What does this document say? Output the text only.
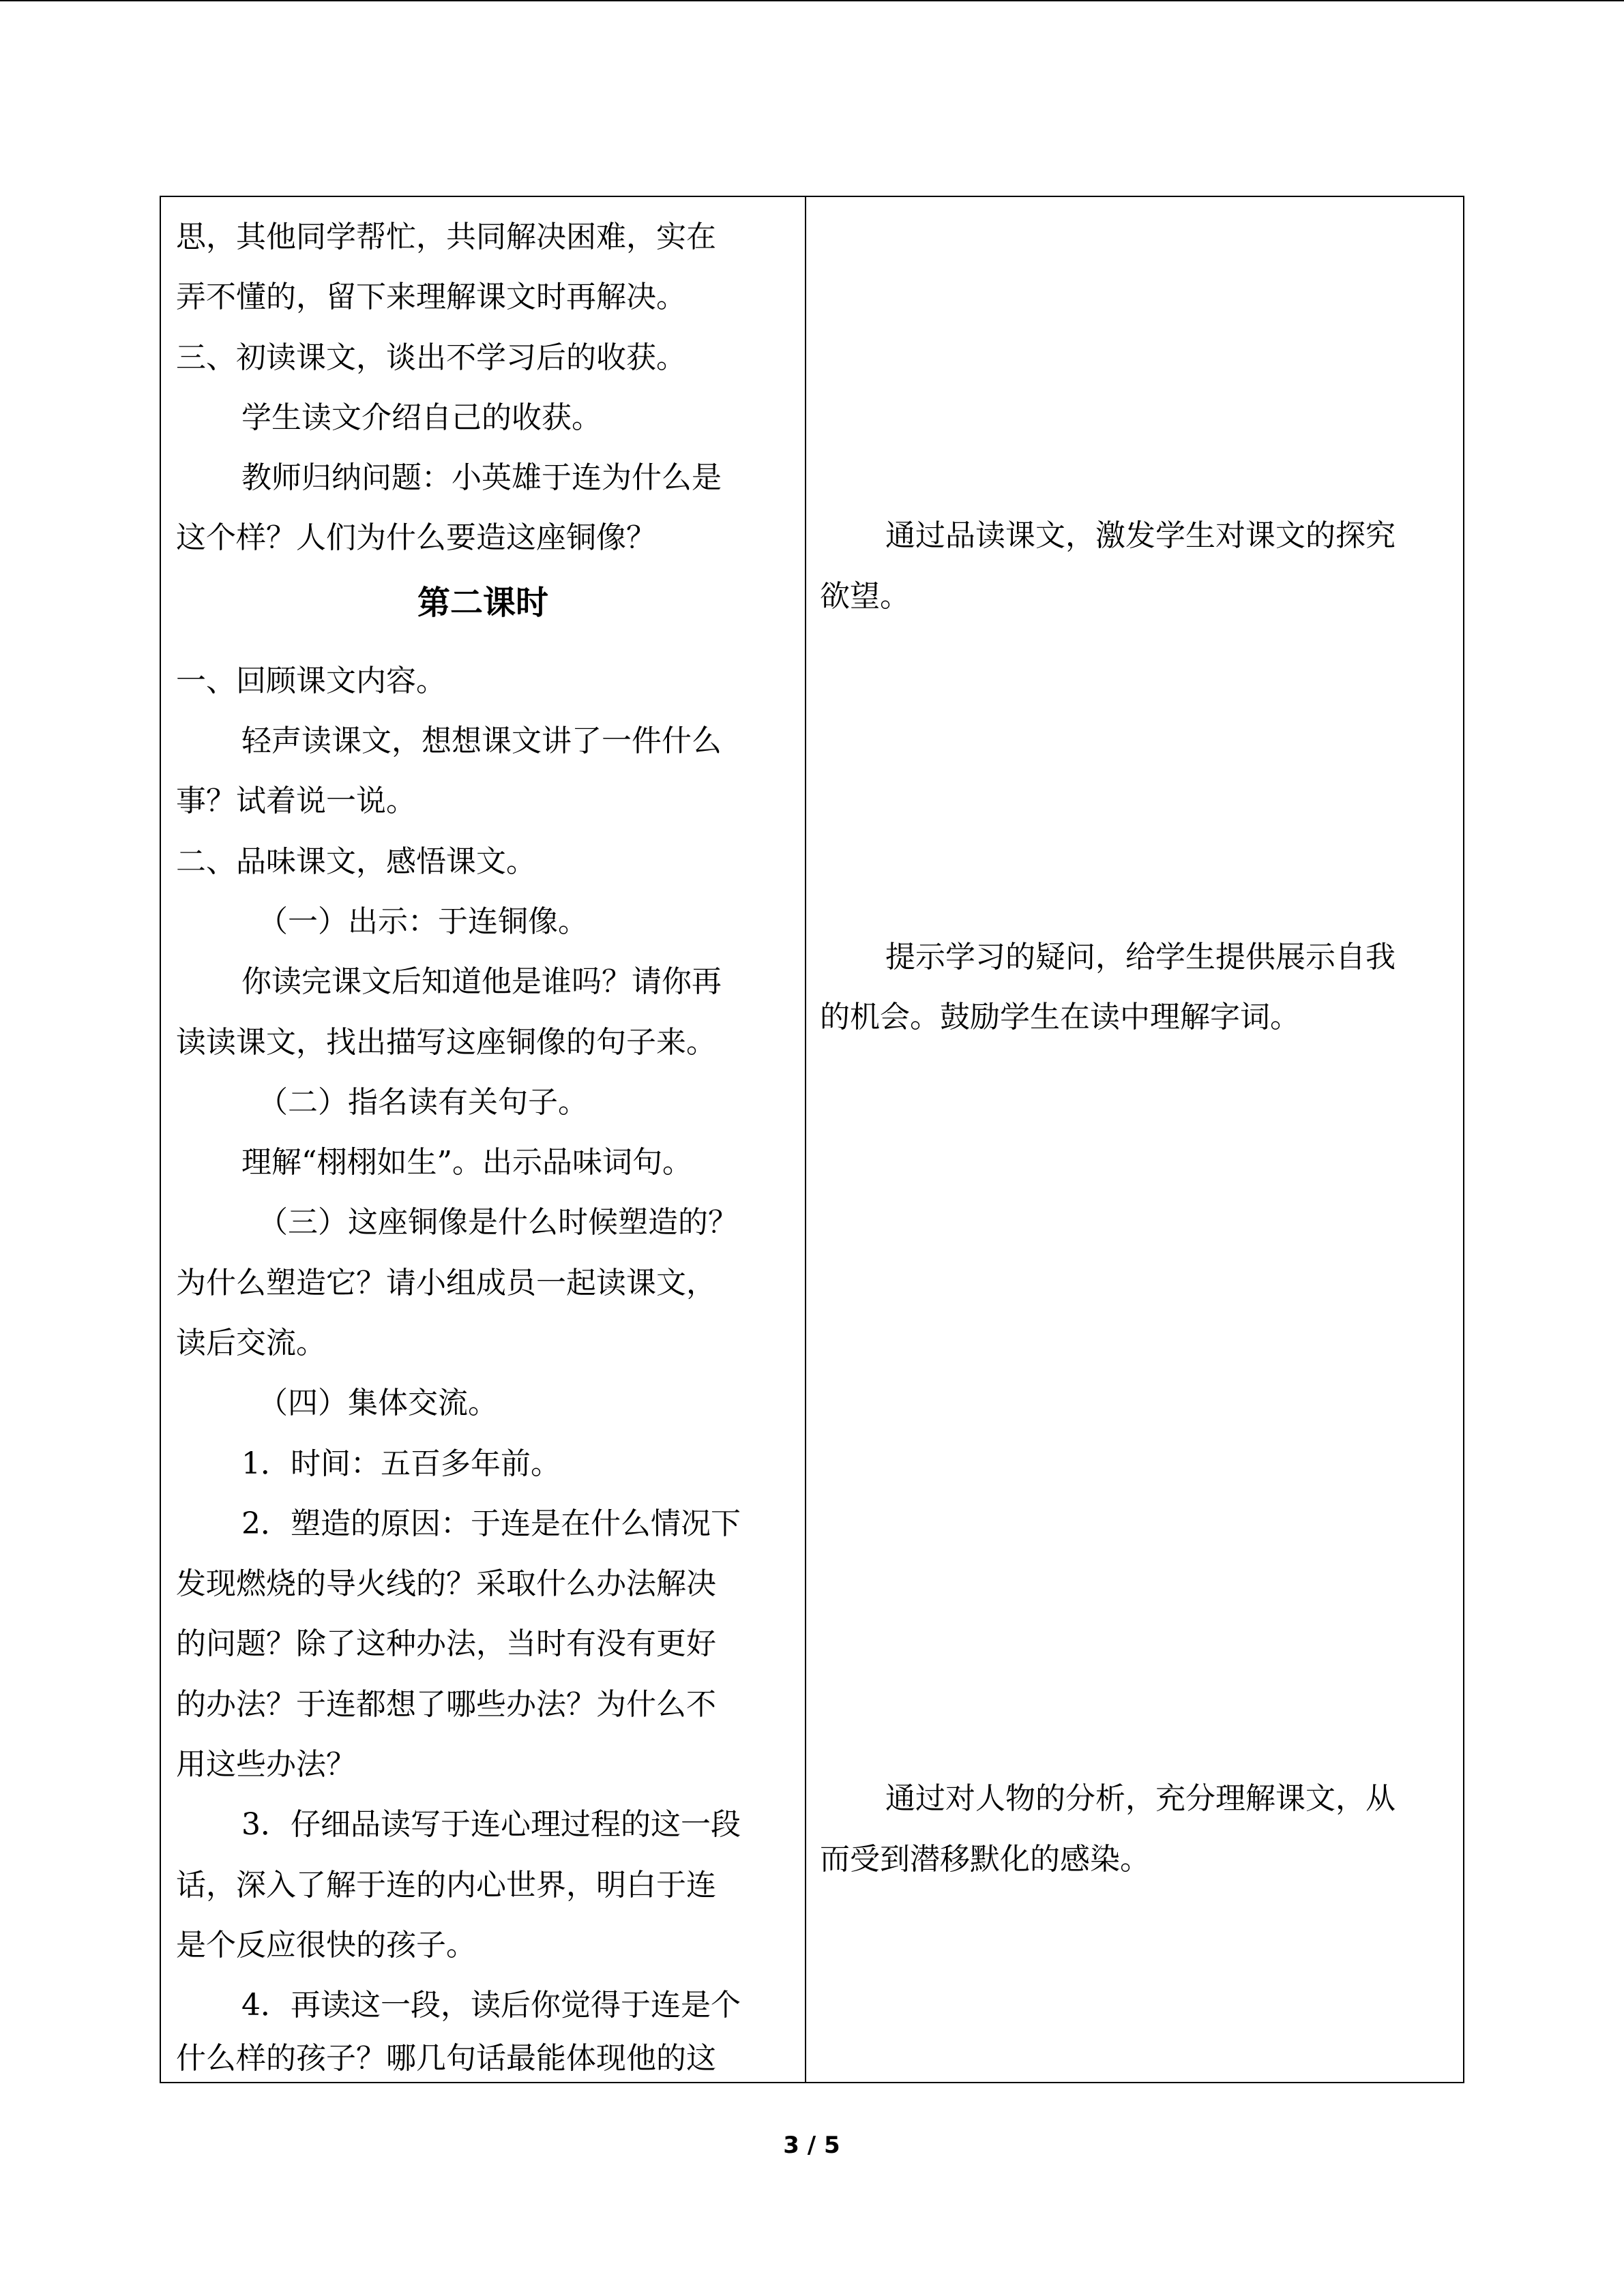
思，其他同学帮忙，共同解决困难，实在
弄不懂的，留下来理解课文时再解决。
三、初读课文，谈出不学习后的收获。
学生读文介绍自己的收获。
教师归纳问题：小英雄于连为什么是
这个样？人们为什么要造这座铜像？
第二课时
一、回顾课文内容。
轻声读课文，想想课文讲了一件什么
事？试着说一说。
二、品味课文，感悟课文。
（一）出示：于连铜像。
你读完课文后知道他是谁吗？请你再
读读课文，找出描写这座铜像的句子来。
（二）指名读有关句子。
理解“栩栩如生”。出示品味词句。
（三）这座铜像是什么时候塑造的？
为什么塑造它？请小组成员一起读课文，
读后交流。
（四）集体交流。
1．时间：五百多年前。
2．塑造的原因：于连是在什么情况下
发现燃烧的导火线的？采取什么办法解决
的问题？除了这种办法，当时有没有更好
的办法？于连都想了哪些办法？为什么不
用这些办法？
3．仔细品读写于连心理过程的这一段
话，深入了解于连的内心世界，明白于连
是个反应很快的孩子。
4．再读这一段，读后你觉得于连是个
什么样的孩子？哪几句话最能体现他的这
通过品读课文，激发学生对课文的探究
欲望。
提示学习的疑问，给学生提供展示自我
的机会。鼓励学生在读中理解字词。
通过对人物的分析，充分理解课文，从
而受到潜移默化的感染。
3 / 5
